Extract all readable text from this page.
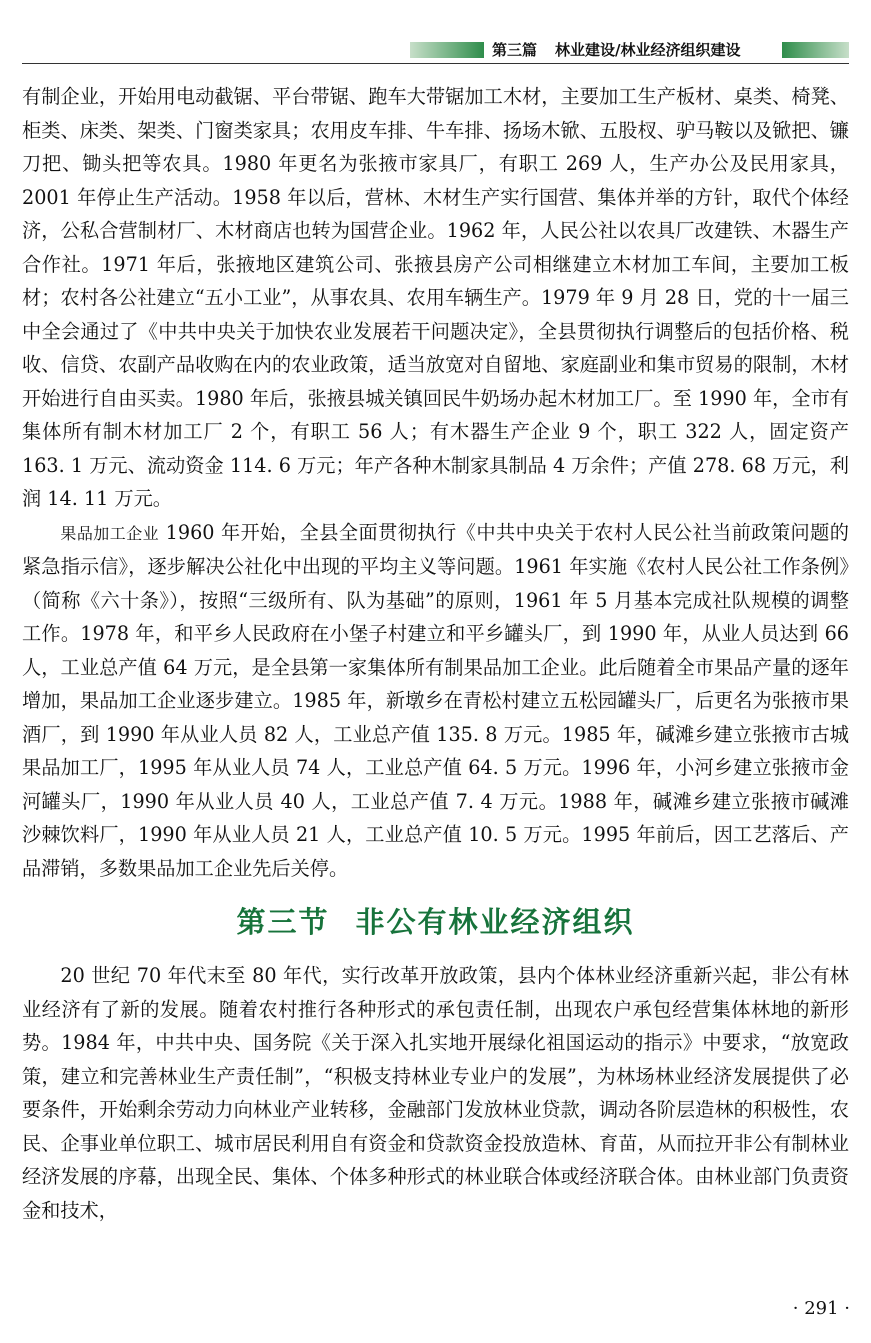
第三篇 林业建设/林业经济组织建设

有制企业，开始用电动截锯、平台带锯、跑车大带锯加工木材，主要加工生产板材、桌类、椅凳、柜类、床类、架类、门窗类家具；农用皮车排、牛车排、扬场木锨、五股杈、驴马鞍以及锨把、镰刀把、锄头把等农具。1980 年更名为张掖市家具厂，有职工 269 人，生产办公及民用家具，2001 年停止生产活动。1958 年以后，营林、木材生产实行国营、集体并举的方针，取代个体经济，公私合营制材厂、木材商店也转为国营企业。1962 年，人民公社以农具厂改建铁、木器生产合作社。1971 年后，张掖地区建筑公司、张掖县房产公司相继建立木材加工车间，主要加工板材；农村各公社建立“五小工业”，从事农具、农用车辆生产。1979 年 9 月 28 日，党的十一届三中全会通过了《中共中央关于加快农业发展若干问题决定》，全县贯彻执行调整后的包括价格、税收、信贷、农副产品收购在内的农业政策，适当放宽对自留地、家庭副业和集市贸易的限制，木材开始进行自由买卖。1980 年后，张掖县城关镇回民牛奶场办起木材加工厂。至 1990 年，全市有集体所有制木材加工厂 2 个，有职工 56 人；有木器生产企业 9 个，职工 322 人，固定资产 163. 1 万元、流动资金 114. 6 万元；年产各种木制家具制品 4 万余件；产值 278. 68 万元，利润 14. 11 万元。

果品加工企业 1960 年开始，全县全面贯彻执行《中共中央关于农村人民公社当前政策问题的紧急指示信》，逐步解决公社化中出现的平均主义等问题。1961 年实施《农村人民公社工作条例》（简称《六十条》），按照“三级所有、队为基础”的原则，1961 年 5 月基本完成社队规模的调整工作。1978 年，和平乡人民政府在小堡子村建立和平乡罐头厂，到 1990 年，从业人员达到 66 人，工业总产值 64 万元，是全县第一家集体所有制果品加工企业。此后随着全市果品产量的逐年增加，果品加工企业逐步建立。1985 年，新墩乡在青松村建立五松园罐头厂，后更名为张掖市果酒厂，到 1990 年从业人员 82 人，工业总产值 135. 8 万元。1985 年，碱滩乡建立张掖市古城果品加工厂，1995 年从业人员 74 人，工业总产值 64. 5 万元。1996 年，小河乡建立张掖市金河罐头厂，1990 年从业人员 40 人，工业总产值 7. 4 万元。1988 年，碱滩乡建立张掖市碱滩沙棘饮料厂，1990 年从业人员 21 人，工业总产值 10. 5 万元。1995 年前后，因工艺落后、产品滞销，多数果品加工企业先后关停。

第三节 非公有林业经济组织

20 世纪 70 年代末至 80 年代，实行改革开放政策，县内个体林业经济重新兴起，非公有林业经济有了新的发展。随着农村推行各种形式的承包责任制，出现农户承包经营集体林地的新形势。1984 年，中共中央、国务院《关于深入扎实地开展绿化祖国运动的指示》中要求，“放宽政策，建立和完善林业生产责任制”，“积极支持林业专业户的发展”，为林场林业经济发展提供了必要条件，开始剩余劳动力向林业产业转移，金融部门发放林业贷款，调动各阶层造林的积极性，农民、企事业单位职工、城市居民利用自有资金和贷款资金投放造林、育苗，从而拉开非公有制林业经济发展的序幕，出现全民、集体、个体多种形式的林业联合体或经济联合体。由林业部门负责资金和技术，

· 291 ·
